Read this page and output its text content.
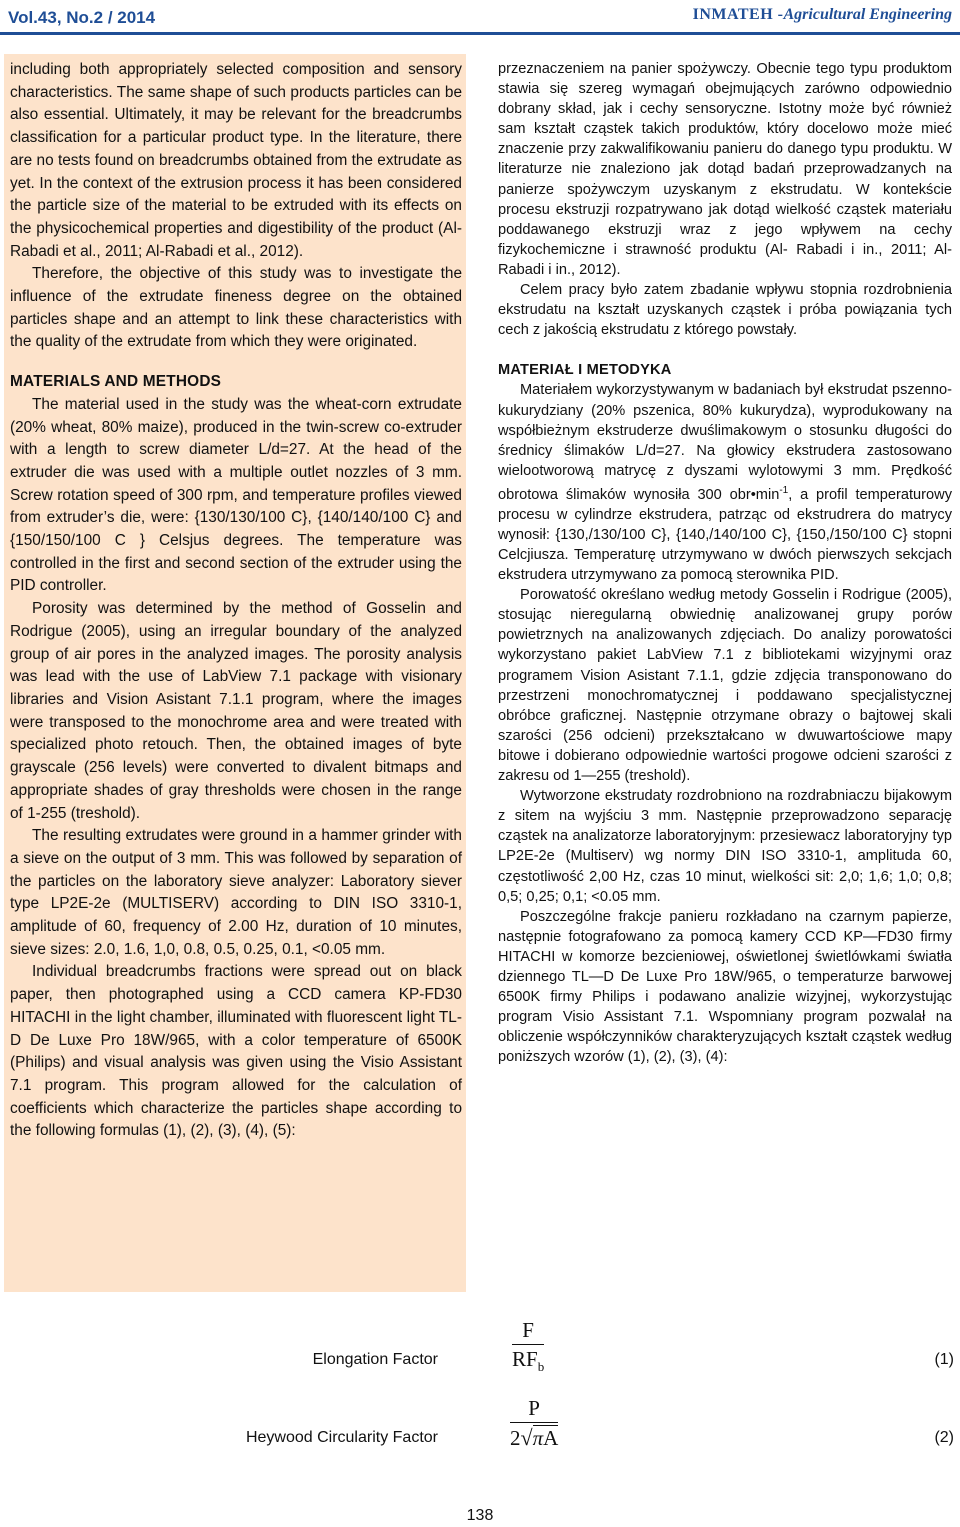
Vol.43, No.2 / 2014	INMATEH -Agricultural Engineering

including both appropriately selected composition and sensory characteristics. The same shape of such products particles can be also essential. Ultimately, it may be relevant for the breadcrumbs classification for a particular product type. In the literature, there are no tests found on breadcrumbs obtained from the extrudate as yet. In the context of the extrusion process it has been considered the particle size of the material to be extruded with its effects on the physicochemical properties and digestibility of the product (Al-Rabadi et al., 2011; Al-Rabadi et al., 2012).

Therefore, the objective of this study was to investigate the influence of the extrudate fineness degree on the obtained particles shape and an attempt to link these characteristics with the quality of the extrudate from which they were originated.

MATERIALS AND METHODS

The material used in the study was the wheat-corn extrudate (20% wheat, 80% maize), produced in the twin-screw co-extruder with a length to screw diameter L/d=27. At the head of the extruder die was used with a multiple outlet nozzles of 3 mm. Screw rotation speed of 300 rpm, and temperature profiles viewed from extruder’s die, were: {130/130/100 C}, {140/140/100 C} and {150/150/100 C } Celsjus degrees. The temperature was controlled in the first and second section of the extruder using the PID controller.

Porosity was determined by the method of Gosselin and Rodrigue (2005), using an irregular boundary of the analyzed group of air pores in the analyzed images. The porosity analysis was lead with the use of LabView 7.1 package with visionary libraries and Vision Asistant 7.1.1 program, where the images were transposed to the monochrome area and were treated with specialized photo retouch. Then, the obtained images of byte grayscale (256 levels) were converted to divalent bitmaps and appropriate shades of gray thresholds were chosen in the range of 1-255 (treshold).

The resulting extrudates were ground in a hammer grinder with a sieve on the output of 3 mm. This was followed by separation of the particles on the laboratory sieve analyzer: Laboratory siever type LP2E-2e (MULTISERV) according to DIN ISO 3310-1, amplitude of 60, frequency of 2.00 Hz, duration of 10 minutes, sieve sizes: 2.0, 1.6, 1,0, 0.8, 0.5, 0.25, 0.1, <0.05 mm.

Individual breadcrumbs fractions were spread out on black paper, then photographed using a CCD camera KP-FD30 HITACHI in the light chamber, illuminated with fluorescent light TL-D De Luxe Pro 18W/965, with a color temperature of 6500K (Philips) and visual analysis was given using the Visio Assistant 7.1 program. This program allowed for the calculation of coefficients which characterize the particles shape according to the following formulas (1), (2), (3), (4), (5):

przeznaczeniem na panier spożywczy. Obecnie tego typu produktom stawia się szereg wymagań obejmujących zarówno odpowiednio dobrany skład, jak i cechy sensoryczne. Istotny może być również sam kształt cząstek takich produktów, który docelowo może mieć znaczenie przy zakwalifikowaniu panieru do danego typu produktu. W literaturze nie znaleziono jak dotąd badań przeprowadzanych na panierze spożywczym uzyskanym z ekstrudatu. W kontekście procesu ekstruzji rozpatrywano jak dotąd wielkość cząstek materiału poddawanego ekstruzji wraz z jego wpływem na cechy fizykochemiczne i strawność produktu (Al- Rabadi i in., 2011; Al-Rabadi i in., 2012).

Celem pracy było zatem zbadanie wpływu stopnia rozdrobnienia ekstrudatu na kształt uzyskanych cząstek i próba powiązania tych cech z jakością ekstrudatu z którego powstały.

MATERIAŁ I METODYKA

Materiałem wykorzystywanym w badaniach był ekstrudat pszenno-kukurydziany (20% pszenica, 80% kukurydza), wyprodukowany na współbieżnym ekstruderze dwuślimakowym o stosunku długości do średnicy ślimaków L/d=27. Na głowicy ekstrudera zastosowano wielootworową matrycę z dyszami wylotowymi 3 mm. Prędkość obrotowa ślimaków wynosiła 300 $obr•\min^{-1}$, a profil temperaturowy procesu w cylindrze ekstrudera, patrząc od ekstrudrera do matrycy wynosił: {130,/130/100 C}, {140,/140/100 C}, {150,/150/100 C} stopni Celcjiusza. Temperaturę utrzymywano w dwóch pierwszych sekcjach ekstrudera utrzymywano za pomocą sterownika PID.

Porowatość określano według metody Gosselin i Rodrigue (2005), stosując nieregularną obwiednię analizowanej grupy porów powietrznych na analizowanych zdjęciach. Do analizy porowatości wykorzystano pakiet LabView 7.1 z bibliotekami wizyjnymi oraz programem Vision Asistant 7.1.1, gdzie zdjęcia transponowano do przestrzeni monochromatycznej i poddawano specjalistycznej obróbce graficznej. Następnie otrzymane obrazy o bajtowej skali szarości (256 odcieni) przekształcano w dwuwartościowe mapy bitowe i dobierano odpowiednie wartości progowe odcieni szarości z zakresu od 1—255 (treshold).

Wytworzone ekstrudaty rozdrobniono na rozdrabniaczu bijakowym z sitem na wyjściu 3 mm. Następnie przeprowadzono separację cząstek na analizatorze laboratoryjnym: przesiewacz laboratoryjny typ LP2E-2e (Multiserv) wg normy DIN ISO 3310-1, amplituda 60, częstotliwość 2,00 Hz, czas 10 minut, wielkości sit: 2,0; 1,6; 1,0; 0,8; 0,5; 0,25; 0,1; <0.05 mm.

Poszczególne frakcje panieru rozkładano na czarnym papierze, następnie fotografowano za pomocą kamery CCD KP—FD30 firmy HITACHI w komorze bezcieniowej, oświetlonej świetlówkami światła dziennego TL—D De Luxe Pro 18W/965, o temperaturze barwowej 6500K firmy Philips i podawano analizie wizyjnej, wykorzystując program Visio Assistant 7.1. Wspomniany program pozwalał na obliczenie współczynników charakteryzujących kształt cząstek według poniższych wzorów (1), (2), (3), (4):

Elongation Factor
F
$RF_b$	(1)
Heywood Circularity Factor
P
2√πA	(2)
138
